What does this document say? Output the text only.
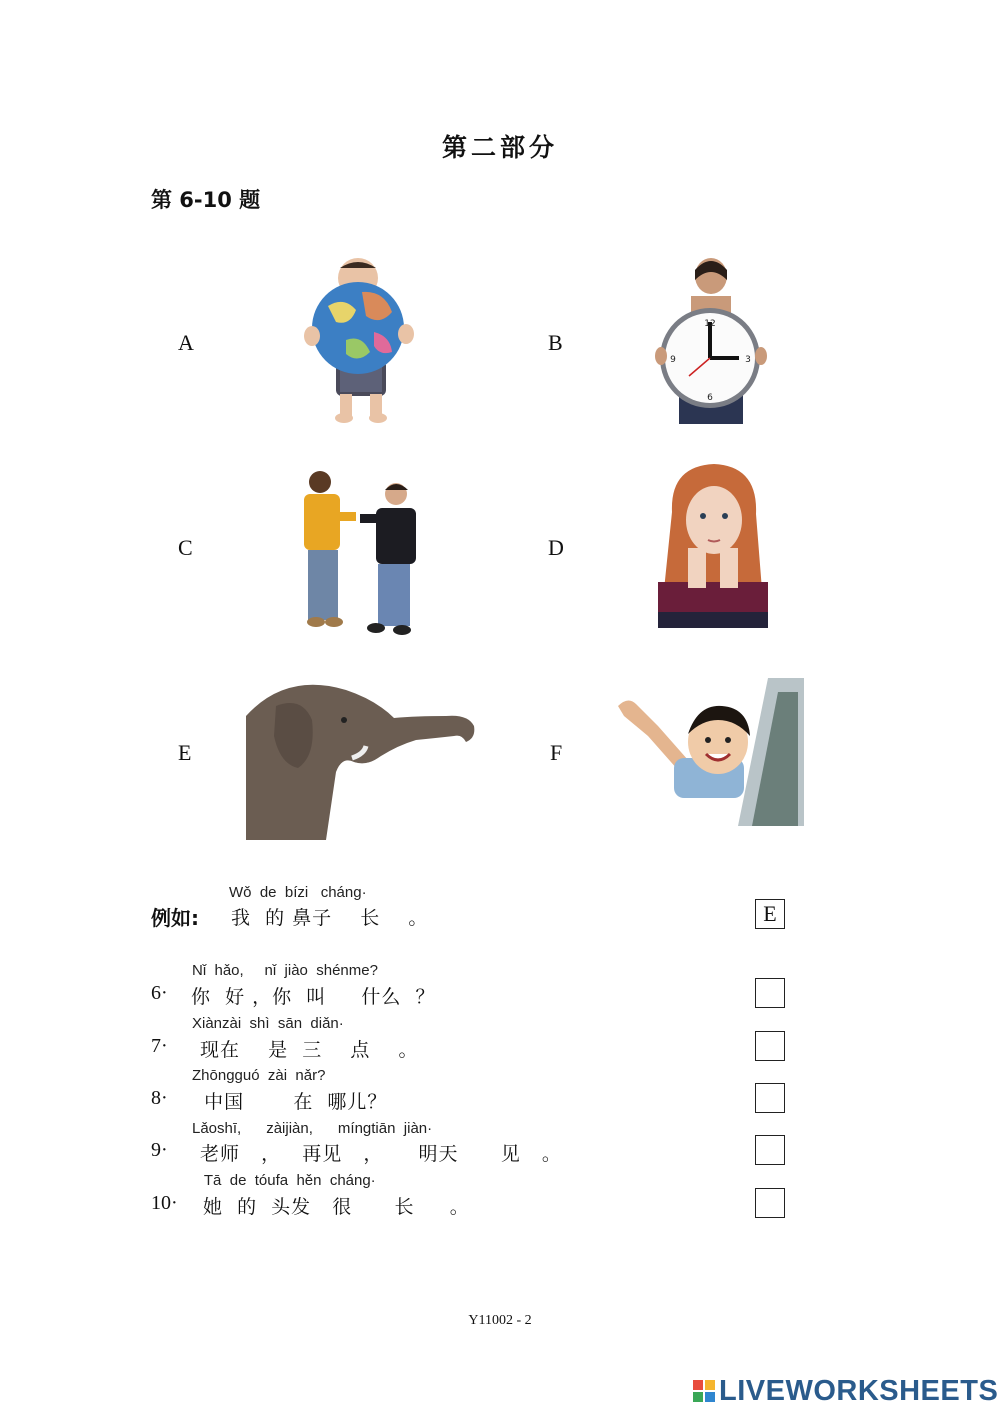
第二部分
第 6-10 题
A	B
C	D
E	F
12
3
6
9
例如:
Wǒ  de  bízi   cháng·
我  的 鼻子    长    。	E
6·
Nǐ  hǎo,     nǐ  jiào  shénme?
你  好 ，你  叫     什么  ？
7·
Xiànzài  shì  sān  diǎn·
现在    是  三    点    。
8·
Zhōngguó  zài  nǎr?
中国       在  哪儿？
9·
Lǎoshī,      zàijiàn,      míngtiān  jiàn·
老师   ，   再见   ，     明天      见   。
10·
Tā  de  tóufa  hěn  cháng·
她  的  头发   很      长     。
Y11002 - 2
LIVEWORKSHEETS
